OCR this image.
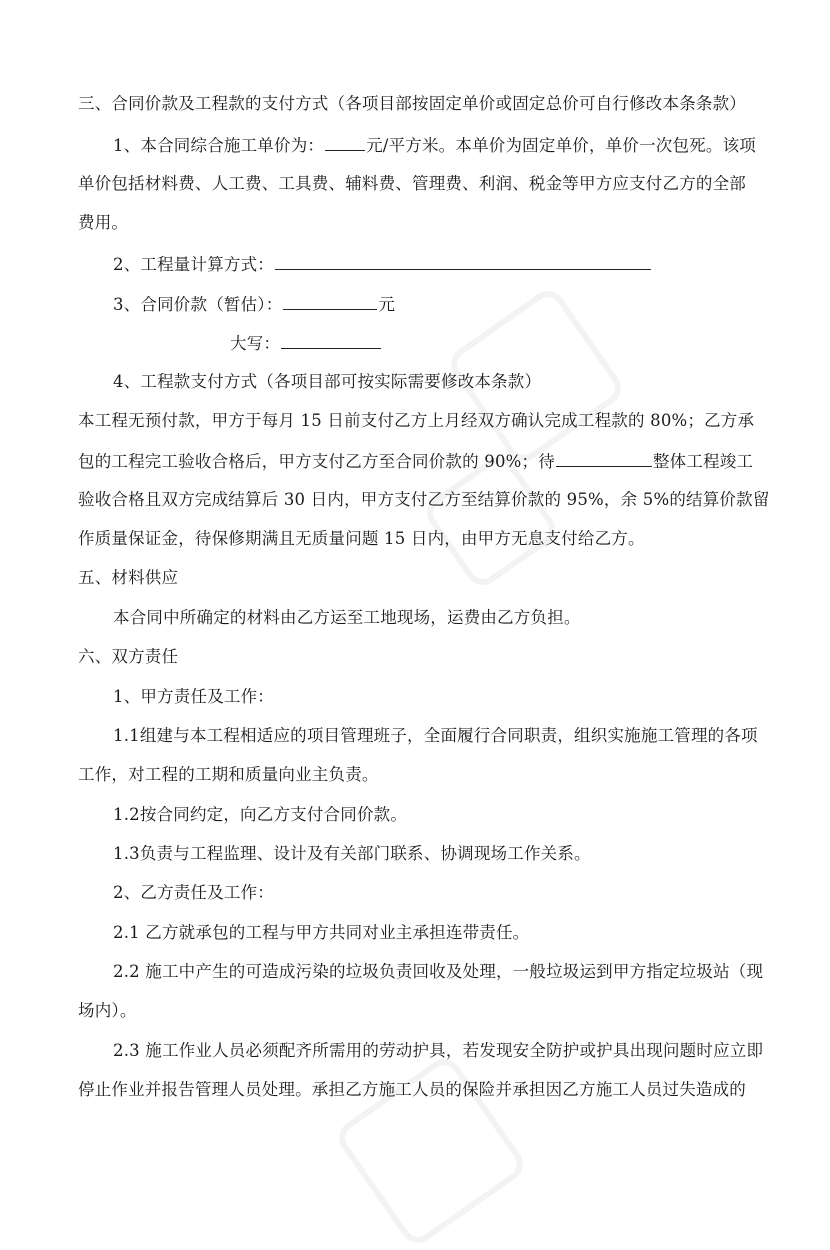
三、合同价款及工程款的支付方式（各项目部按固定单价或固定总价可自行修改本条条款）
1、本合同综合施工单价为：	元/平方米。本单价为固定单价，单价一次包死。该项
单价包括材料费、人工费、工具费、辅料费、管理费、利润、税金等甲方应支付乙方的全部
费用。
2、工程量计算方式：
3、合同价款（暂估）：	元
大写：
4、工程款支付方式（各项目部可按实际需要修改本条款）
本工程无预付款，甲方于每月 15 日前支付乙方上月经双方确认完成工程款的 80%；乙方承
包的工程完工验收合格后，甲方支付乙方至合同价款的 90%；待	整体工程竣工
验收合格且双方完成结算后 30 日内，甲方支付乙方至结算价款的 95%，余 5%的结算价款留
作质量保证金，待保修期满且无质量问题 15 日内，由甲方无息支付给乙方。
五、材料供应
本合同中所确定的材料由乙方运至工地现场，运费由乙方负担。
六、双方责任
1、甲方责任及工作：
1.1组建与本工程相适应的项目管理班子，全面履行合同职责，组织实施施工管理的各项
工作，对工程的工期和质量向业主负责。
1.2按合同约定，向乙方支付合同价款。
1.3负责与工程监理、设计及有关部门联系、协调现场工作关系。
2、乙方责任及工作：
2.1 乙方就承包的工程与甲方共同对业主承担连带责任。
2.2 施工中产生的可造成污染的垃圾负责回收及处理，一般垃圾运到甲方指定垃圾站（现
场内）。
2.3 施工作业人员必须配齐所需用的劳动护具，若发现安全防护或护具出现问题时应立即
停止作业并报告管理人员处理。承担乙方施工人员的保险并承担因乙方施工人员过失造成的
